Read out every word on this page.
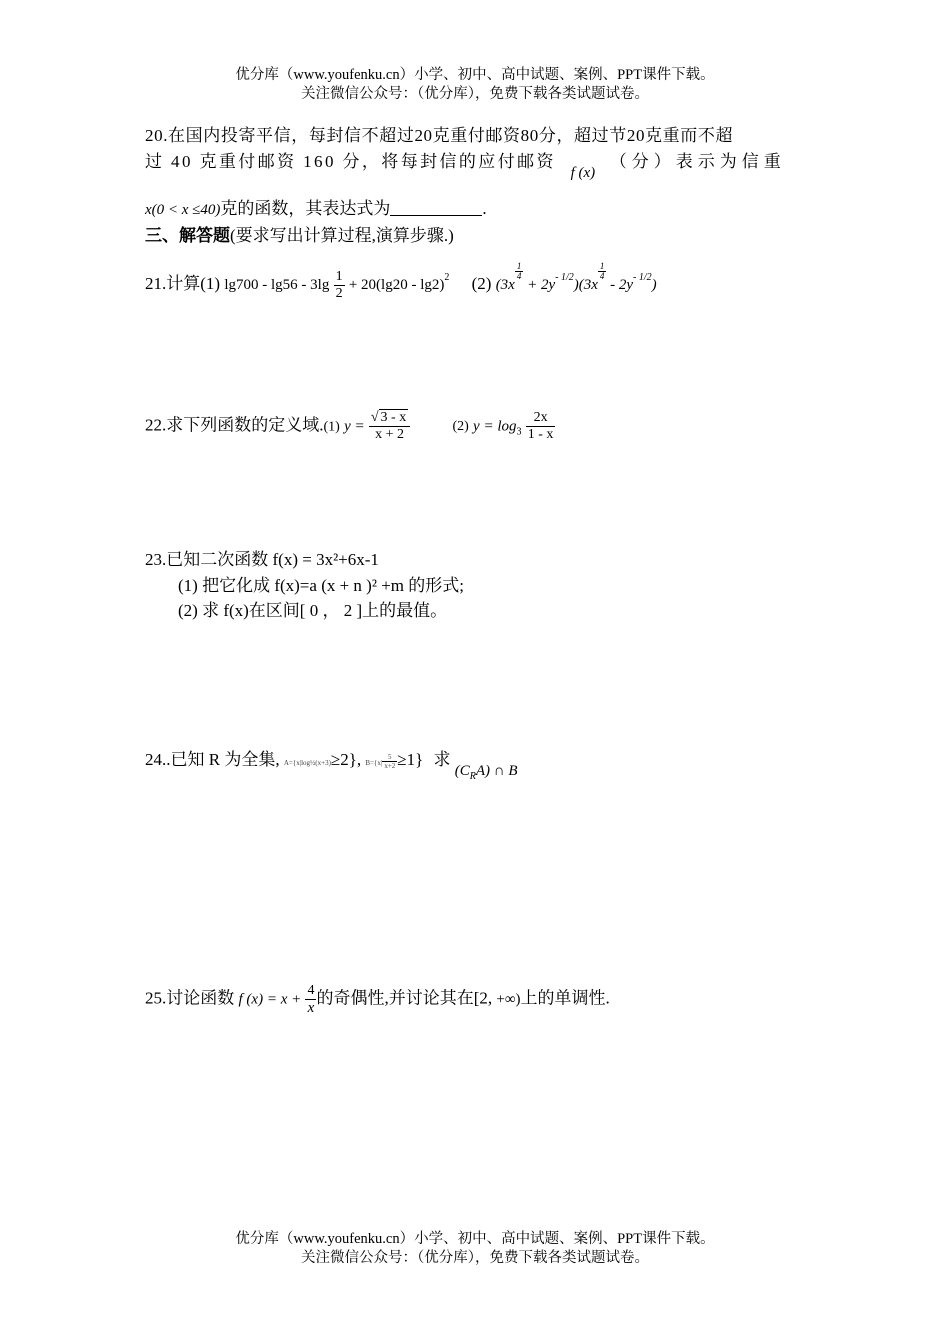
优分库（www.youfenku.cn）小学、初中、高中试题、案例、PPT课件下载。
关注微信公众号：（优分库），免费下载各类试题试卷。
20.在国内投寄平信，每封信不超过20克重付邮资80分，超过节20克重而不超
过 40 克重付邮资 160 分，将每封信的应付邮资 f (x) （分）表示为信重
x(0 < x ≤40)克的函数，其表达式为	.
三、解答题(要求写出计算过程,演算步骤.)
21.计算(1) $\lg 700 - \lg 56 - 3\lg \frac{1}{2} + 20(\lg 20 - \lg 2)^2$ (2) (3x
$\frac{1}{4}$
+ $2y^{- 1/2})(3x$
$\frac{1}{4}$
- $2y^{- 1/2}$)
22.求下列函数的定义域.(1) $y = \frac{√ 3 - x}{x + 2}$	(2) $y = \log_3 \frac{2x}{1 - x}$
23.已知二次函数 f(x) = 3x²+6x-1
(1) 把它化成 f(x)=a (x + n )² +m 的形式;
(2) 求 f(x)在区间[ 0 ， 2 ]上的最值。
24..已知 R 为全集, A={x|log½(x+3)≥2}, $B=\{x| \frac{5}{x+2} \ge 1\}$ 求 $(C_RA)$ ∩ B
25.讨论函数 f $(x) = x + \frac{4}{x}$ 的奇偶性,并讨论其在[2, +∞)上的单调性.
优分库（www.youfenku.cn）小学、初中、高中试题、案例、PPT课件下载。
关注微信公众号：（优分库），免费下载各类试题试卷。
